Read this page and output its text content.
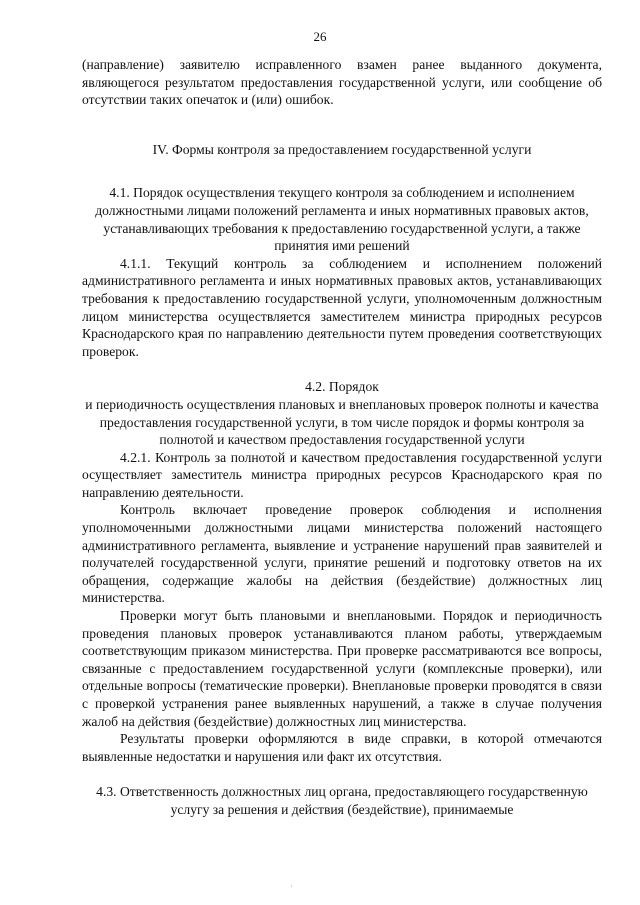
26

(направление) заявителю исправленного взамен ранее выданного документа, являющегося результатом предоставления государственной услуги, или сообщение об отсутствии таких опечаток и (или) ошибок.

IV. Формы контроля за предоставлением государственной услуги

4.1. Порядок осуществления текущего контроля за соблюдением и исполнением должностными лицами положений регламента и иных нормативных правовых актов, устанавливающих требования к предоставлению государственной услуги, а также принятия ими решений

4.1.1. Текущий контроль за соблюдением и исполнением положений административного регламента и иных нормативных правовых актов, устанавливающих требования к предоставлению государственной услуги, уполномоченным должностным лицом министерства осуществляется заместителем министра природных ресурсов Краснодарского края по направлению деятельности путем проведения соответствующих проверок.

4.2. Порядок

и периодичность осуществления плановых и внеплановых проверок полноты и качества предоставления государственной услуги, в том числе порядок и формы контроля за полнотой и качеством предоставления государственной услуги

4.2.1. Контроль за полнотой и качеством предоставления государственной услуги осуществляет заместитель министра природных ресурсов Краснодарского края по направлению деятельности.

Контроль включает проведение проверок соблюдения и исполнения уполномоченными должностными лицами министерства положений настоящего административного регламента, выявление и устранение нарушений прав заявителей и получателей государственной услуги, принятие решений и подготовку ответов на их обращения, содержащие жалобы на действия (бездействие) должностных лиц министерства.

Проверки могут быть плановыми и внеплановыми. Порядок и периодичность проведения плановых проверок устанавливаются планом работы, утверждаемым соответствующим приказом министерства. При проверке рассматриваются все вопросы, связанные с предоставлением государственной услуги (комплексные проверки), или отдельные вопросы (тематические проверки). Внеплановые проверки проводятся в связи с проверкой устранения ранее выявленных нарушений, а также в случае получения жалоб на действия (бездействие) должностных лиц министерства.

Результаты проверки оформляются в виде справки, в которой отмечаются выявленные недостатки и нарушения или факт их отсутствия.

4.3. Ответственность должностных лиц органа, предоставляющего государственную услугу за решения и действия (бездействие), принимаемые

·
